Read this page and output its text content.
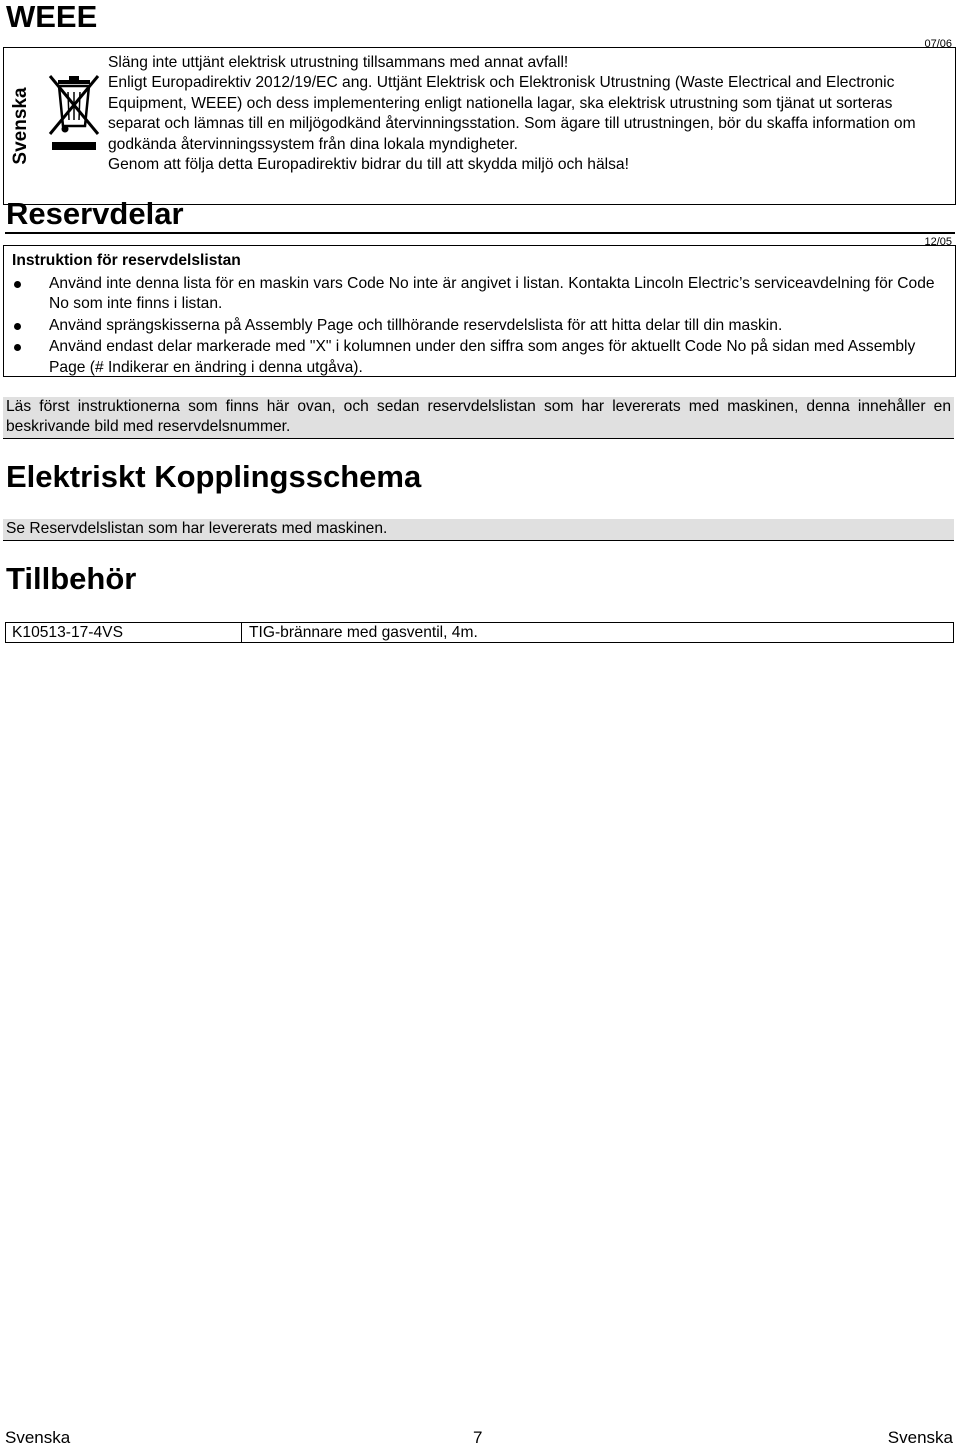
WEEE
07/06
Svenska

Släng inte uttjänt elektrisk utrustning tillsammans med annat avfall!

Enligt Europadirektiv 2012/19/EC ang. Uttjänt Elektrisk och Elektronisk Utrustning (Waste Electrical and Electronic Equipment, WEEE) och dess implementering enligt nationella lagar, ska elektrisk utrustning som tjänat ut sorteras separat och lämnas till en miljögodkänd återvinningsstation. Som ägare till utrustningen, bör du skaffa information om godkända återvinningssystem från dina lokala myndigheter.

Genom att följa detta Europadirektiv bidrar du till att skydda miljö och hälsa!

Reservdelar
12/05
Instruktion för reservdelslistan
Använd inte denna lista för en maskin vars Code No inte är angivet i listan. Kontakta Lincoln Electric’s serviceavdelning för Code No som inte finns i listan.
Använd sprängskisserna på Assembly Page och tillhörande reservdelslista för att hitta delar till din maskin.
Använd endast delar markerade med "X" i kolumnen under den siffra som anges för aktuellt Code No på sidan med Assembly Page (# Indikerar en ändring i denna utgåva).
Läs först instruktionerna som finns här ovan, och sedan reservdelslistan som har levererats med maskinen, denna innehåller en beskrivande bild med reservdelsnummer.
Elektriskt Kopplingsschema
Se Reservdelslistan som har levererats med maskinen.
Tillbehör
K10513-17-4VS	TIG-brännare med gasventil, 4m.
Svenska	7	Svenska
